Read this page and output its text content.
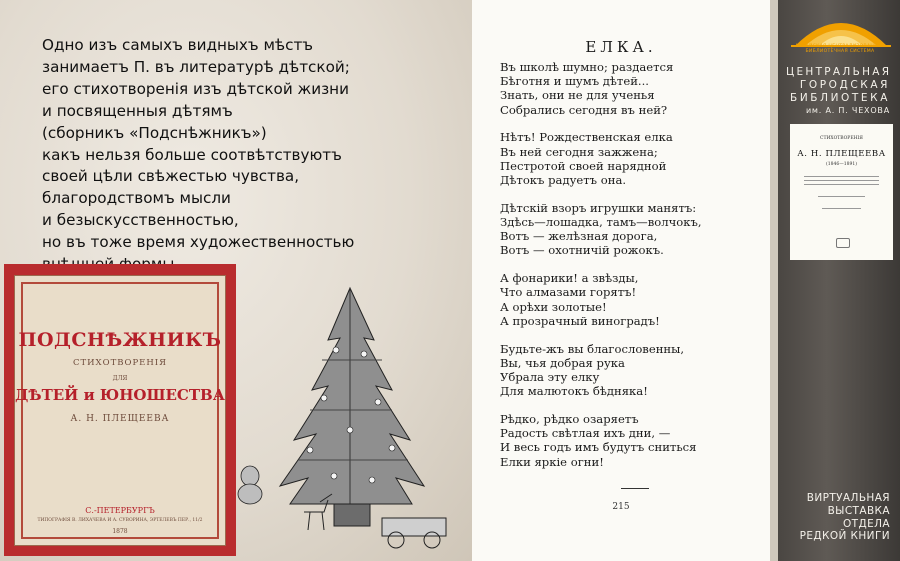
Одно изъ самыхъ видныхъ мѣстъ
занимаетъ П. въ литературѣ дѣтской;
его стихотворенія изъ дѣтской жизни
и посвященныя дѣтямъ
(сборникъ «Подснѣжникъ»)
какъ нельзя больше соотвѣтствуютъ
своей цѣли свѣжестью чувства,
благородствомъ мысли
и безыскусственностью,
но въ тоже время художественностью

ПОДСНѢЖНИКЪ
СТИХОТВОРЕНІЯ
ДЛЯ
ДѢТЕЙ и ЮНОШЕСТВА
А. Н. ПЛЕЩЕЕВА
С.-ПЕТЕРБУРГЪ
ТИПОГРАФІЯ В. ЛИХАЧЕВА И А. СУВОРИНА, ЭРТЕЛЕВЪ ПЕР., 11/2
1878
ЕЛКА.
Въ школѣ шумно; раздается
Бѣготня и шумъ дѣтей...
Знать, они не для ученья
Собрались сегодня въ ней?
Нѣтъ! Рождественская елка
Въ ней сегодня зажжена;
Пестротой своей нарядной
Дѣтокъ радуетъ она.
Дѣтскій взоръ игрушки манятъ:
Здѣсь—лошадка, тамъ—волчокъ,
Вотъ — желѣзная дорога,
Вотъ — охотничій рожокъ.
А фонарики! а звѣзды,
Что алмазами горятъ!
А орѣхи золотые!
А прозрачный виноградъ!
Будьте-жъ вы благословенны,
Вы, чья добрая рука
Убрала эту елку
Для малютокъ бѣдняка!
Рѣдко, рѣдко озаряетъ
Радость свѣтлая ихъ дни, —
И весь годъ имъ будутъ сниться
Елки яркіе огни!
215
АЛТАЙСКАЯ ЦЕНТРАЛИЗОВАННАЯ БИБЛИОТЕЧНАЯ СИСТЕМА
ЦЕНТРАЛЬНАЯ
ГОРОДСКАЯ
БИБЛИОТЕКА
им. А. П. ЧЕХОВА
СТИХОТВОРЕНІЯ
А. Н. ПЛЕЩЕЕВА
(1846—1891)
ВИРТУАЛЬНАЯ
ВЫСТАВКА
ОТДЕЛА
РЕДКОЙ КНИГИ
